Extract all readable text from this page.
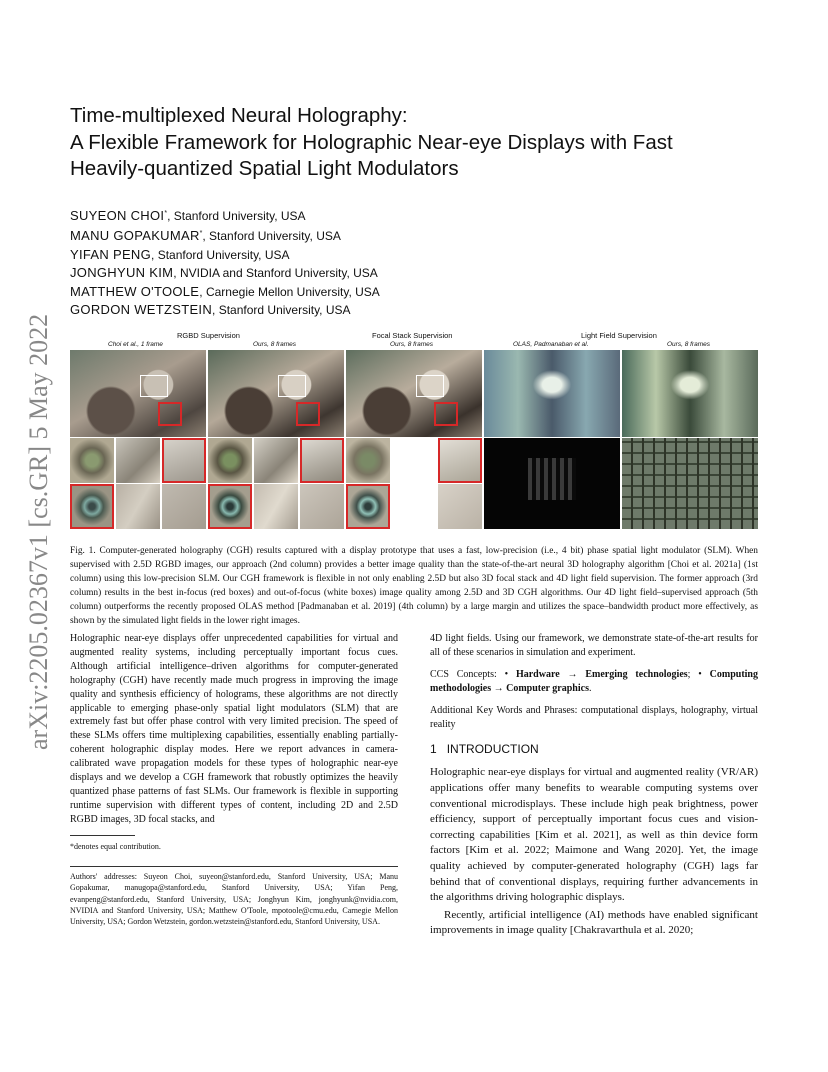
arXiv:2205.02367v1 [cs.GR] 5 May 2022
Time-multiplexed Neural Holography:
A Flexible Framework for Holographic Near-eye Displays with Fast
Heavily-quantized Spatial Light Modulators
SUYEON CHOI*, Stanford University, USA
MANU GOPAKUMAR*, Stanford University, USA
YIFAN PENG, Stanford University, USA
JONGHYUN KIM, NVIDIA and Stanford University, USA
MATTHEW O'TOOLE, Carnegie Mellon University, USA
GORDON WETZSTEIN, Stanford University, USA
RGBD Supervision	Focal Stack Supervision	Light Field Supervision
Choi et al., 1 frame	Ours, 8 frames	Ours, 8 frames	OLAS, Padmanaban et al.	Ours, 8 frames
Fig. 1. Computer-generated holography (CGH) results captured with a display prototype that uses a fast, low-precision (i.e., 4 bit) phase spatial light modulator (SLM). When supervised with 2.5D RGBD images, our approach (2nd column) provides a better image quality than the state-of-the-art neural 3D holography algorithm [Choi et al. 2021a] (1st column) using this low-precision SLM. Our CGH framework is flexible in not only enabling 2.5D but also 3D focal stack and 4D light field supervision. The former approach (3rd column) results in the best in-focus (red boxes) and out-of-focus (white boxes) image quality among 2.5D and 3D CGH algorithms. Our 4D light field–supervised approach (5th column) outperforms the recently proposed OLAS method [Padmanaban et al. 2019] (4th column) by a large margin and utilizes the space–bandwidth product more effectively, as shown by the simulated light fields in the lower right images.
Holographic near-eye displays offer unprecedented capabilities for virtual and augmented reality systems, including perceptually important focus cues. Although artificial intelligence–driven algorithms for computer-generated holography (CGH) have recently made much progress in improving the image quality and synthesis efficiency of holograms, these algorithms are not directly applicable to emerging phase-only spatial light modulators (SLM) that are extremely fast but offer phase control with very limited precision. The speed of these SLMs offers time multiplexing capabilities, essentially enabling partially-coherent holographic display modes. Here we report advances in camera-calibrated wave propagation models for these types of holographic near-eye displays and we develop a CGH framework that robustly optimizes the heavily quantized phase patterns of fast SLMs. Our framework is flexible in supporting runtime supervision with different types of content, including 2D and 2.5D RGBD images, 3D focal stacks, and

4D light fields. Using our framework, we demonstrate state-of-the-art results for all of these scenarios in simulation and experiment.

CCS Concepts: • Hardware → Emerging technologies; • Computing methodologies → Computer graphics.

Additional Key Words and Phrases: computational displays, holography, virtual reality

1 INTRODUCTION

Holographic near-eye displays for virtual and augmented reality (VR/AR) applications offer many benefits to wearable computing systems over conventional microdisplays. These include high peak brightness, power efficiency, support of perceptually important focus cues and vision-correcting capabilities [Kim et al. 2021], as well as thin device form factors [Kim et al. 2022; Maimone and Wang 2020]. Yet, the image quality achieved by computer-generated holography (CGH) lags far behind that of conventional displays, requiring further advancements in the algorithms driving holographic displays.

Recently, artificial intelligence (AI) methods have enabled significant improvements in image quality [Chakravarthula et al. 2020;

*denotes equal contribution.
Authors' addresses: Suyeon Choi, suyeon@stanford.edu, Stanford University, USA; Manu Gopakumar, manugopa@stanford.edu, Stanford University, USA; Yifan Peng, evanpeng@stanford.edu, Stanford University, USA; Jonghyun Kim, jonghyunk@nvidia.com, NVIDIA and Stanford University, USA; Matthew O'Toole, mpotoole@cmu.edu, Carnegie Mellon University, USA; Gordon Wetzstein, gordon.wetzstein@stanford.edu, Stanford University, USA.
